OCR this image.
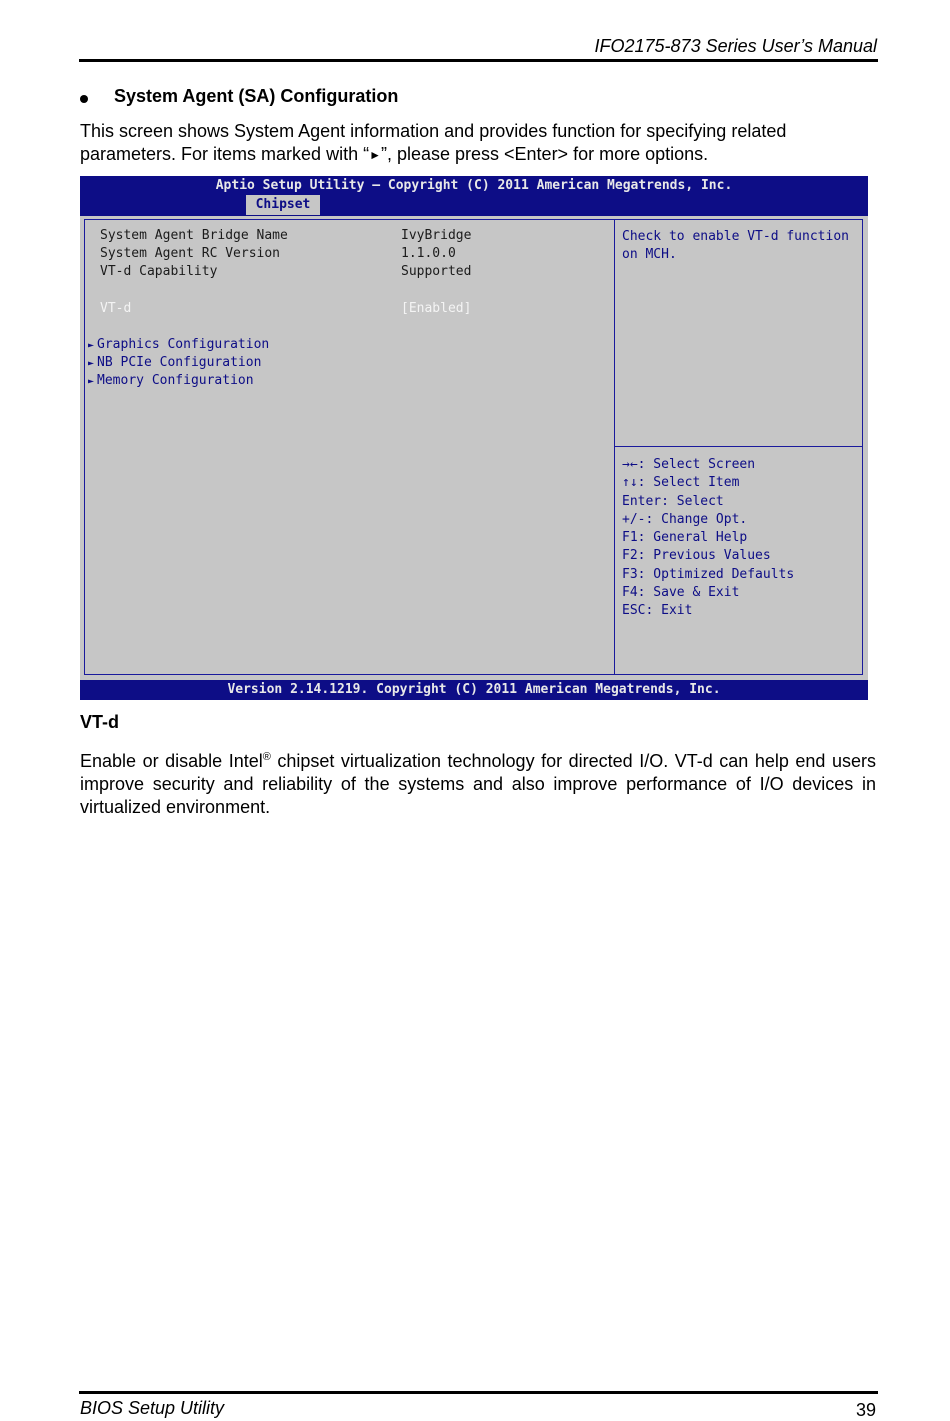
IFO2175-873 Series User’s Manual
System Agent (SA) Configuration

This screen shows System Agent information and provides function for specifying related

parameters. For items marked with “►”, please press <Enter> for more options.

Aptio Setup Utility – Copyright (C) 2011 American Megatrends, Inc.
Chipset
System Agent Bridge Name	IvyBridge
System Agent RC Version	1.1.0.0
VT-d Capability	Supported
VT-d	[Enabled]
► Graphics Configuration
► NB PCIe Configuration
► Memory Configuration
Check to enable VT-d function
on MCH.
→←: Select Screen
↑↓: Select Item
Enter: Select
+/-: Change Opt.
F1: General Help
F2: Previous Values
F3: Optimized Defaults
F4: Save & Exit
ESC: Exit
Version 2.14.1219. Copyright (C) 2011 American Megatrends, Inc.
VT-d
Enable or disable Intel® chipset virtualization technology for directed I/O. VT-d can help end users improve security and reliability of the systems and also improve performance of I/O devices in virtualized environment.
BIOS Setup Utility	39
